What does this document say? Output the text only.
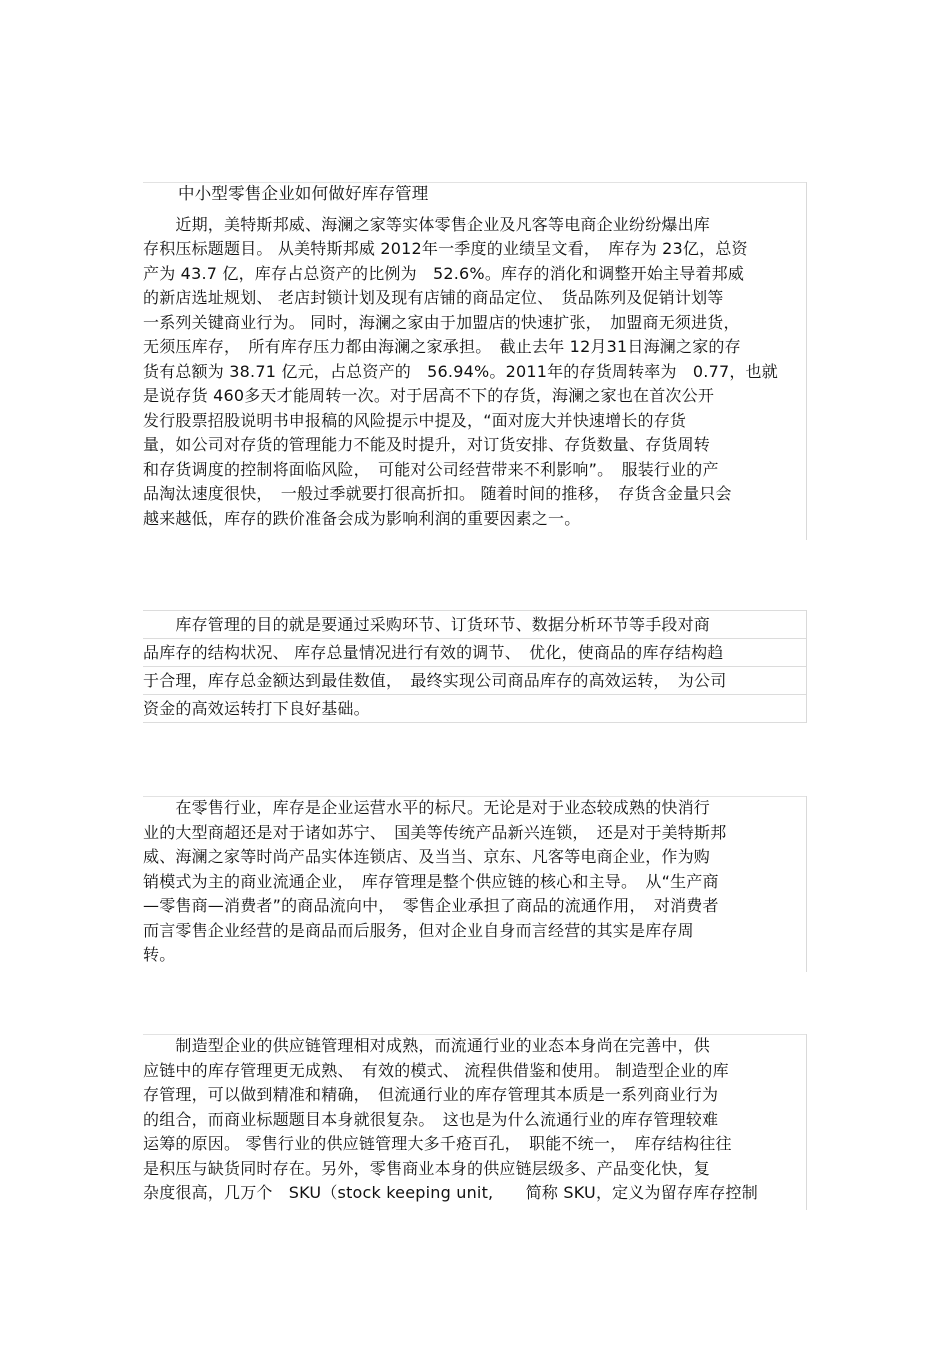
中小型零售企业如何做好库存管理
　　近期，美特斯邦威、海澜之家等实体零售企业及凡客等电商企业纷纷爆出库
存积压标题题目。 从美特斯邦威 2012年一季度的业绩呈文看，　库存为 23亿，总资
产为 43.7 亿，库存占总资产的比例为　52.6%。库存的消化和调整开始主导着邦威
的新店选址规划、 老店封锁计划及现有店铺的商品定位、　货品陈列及促销计划等
一系列关键商业行为。 同时，海澜之家由于加盟店的快速扩张，　加盟商无须进货，
无须压库存，　所有库存压力都由海澜之家承担。　截止去年 12月31日海澜之家的存
货有总额为 38.71 亿元，占总资产的　56.94%。2011年的存货周转率为　0.77，也就
是说存货 460多天才能周转一次。对于居高不下的存货，海澜之家也在首次公开
发行股票招股说明书申报稿的风险提示中提及，“面对庞大并快速增长的存货
量，如公司对存货的管理能力不能及时提升，对订货安排、存货数量、存货周转
和存货调度的控制将面临风险，　可能对公司经营带来不利影响”。　服装行业的产
品淘汰速度很快，　一般过季就要打很高折扣。 随着时间的推移，　存货含金量只会
越来越低，库存的跌价准备会成为影响利润的重要因素之一。
　　库存管理的目的就是要通过采购环节、订货环节、数据分析环节等手段对商
品库存的结构状况、 库存总量情况进行有效的调节、　优化，使商品的库存结构趋
于合理，库存总金额达到最佳数值，　最终实现公司商品库存的高效运转，　为公司
资金的高效运转打下良好基础。
　　在零售行业，库存是企业运营水平的标尺。无论是对于业态较成熟的快消行
业的大型商超还是对于诸如苏宁、　国美等传统产品新兴连锁，　还是对于美特斯邦
威、海澜之家等时尚产品实体连锁店、及当当、京东、凡客等电商企业，作为购
销模式为主的商业流通企业，　库存管理是整个供应链的核心和主导。　从“生产商
—零售商—消费者”的商品流向中，　零售企业承担了商品的流通作用，　对消费者
而言零售企业经营的是商品而后服务，但对企业自身而言经营的其实是库存周
转。
　　制造型企业的供应链管理相对成熟，而流通行业的业态本身尚在完善中，供
应链中的库存管理更无成熟、　有效的模式、 流程供借鉴和使用。 制造型企业的库
存管理，可以做到精准和精确，　但流通行业的库存管理其本质是一系列商业行为
的组合，而商业标题题目本身就很复杂。　这也是为什么流通行业的库存管理较难
运筹的原因。 零售行业的供应链管理大多千疮百孔，　职能不统一，　库存结构往往
是积压与缺货同时存在。另外，零售商业本身的供应链层级多、产品变化快，复
杂度很高，几万个　SKU（stock keeping unit,　　简称 SKU，定义为留存库存控制
